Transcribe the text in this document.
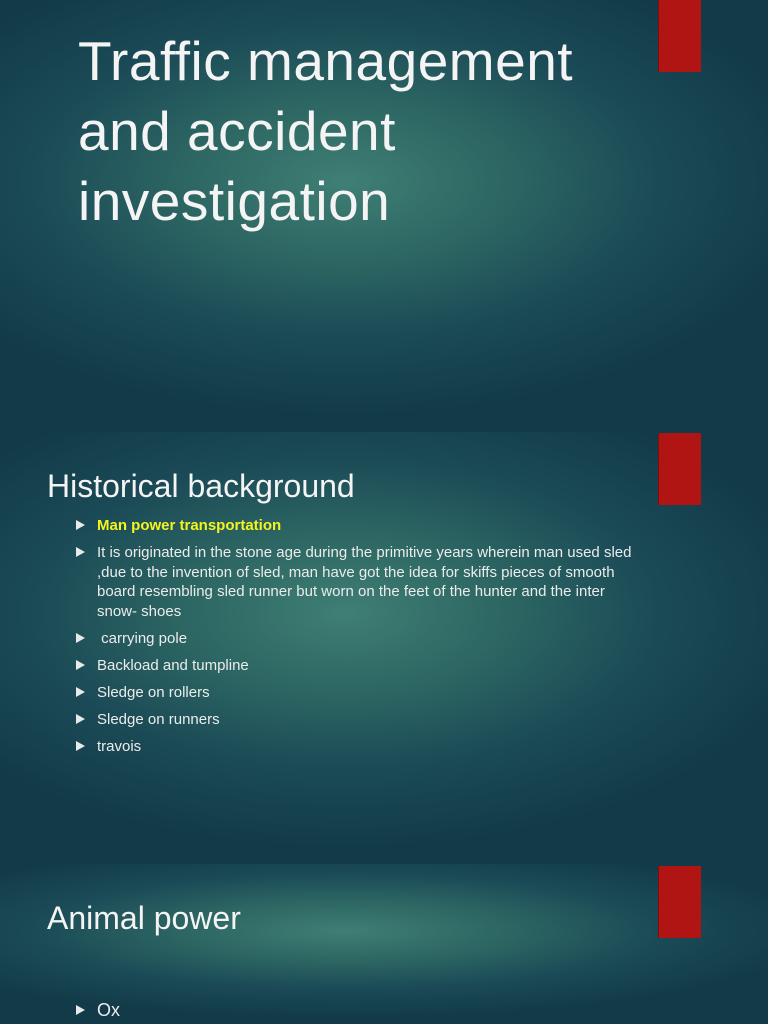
Traffic management and accident investigation
Historical background
Man power transportation
It is originated in the stone age during the primitive years wherein man used sled ,due to the invention of sled, man have got the idea for skiffs pieces of smooth board resembling sled runner but worn on the feet of the hunter and the inter snow- shoes
carrying pole
Backload and tumpline
Sledge on rollers
Sledge on runners
travois
Animal power
Ox
